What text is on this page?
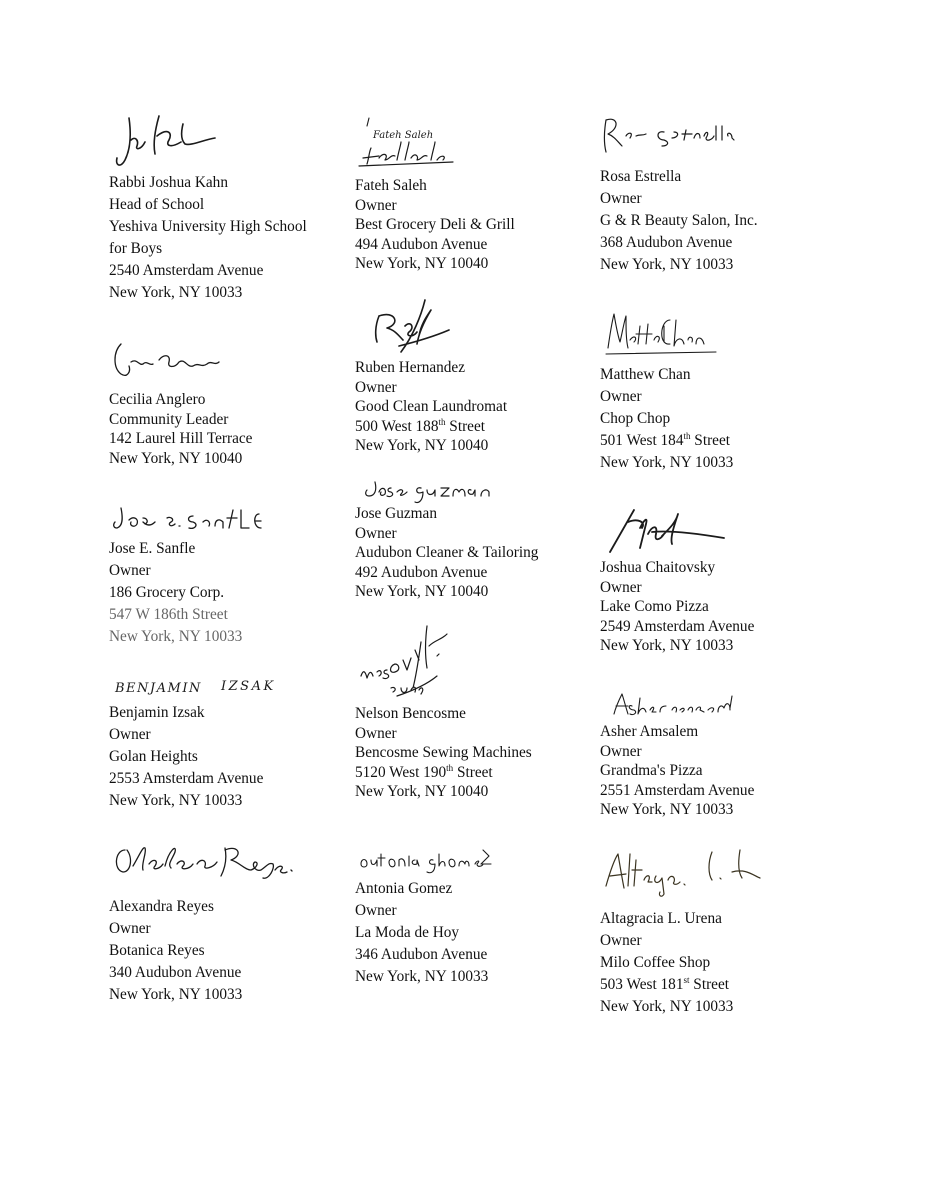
Rabbi Joshua Kahn
Head of School
Yeshiva University High School
for Boys
2540 Amsterdam Avenue
New York, NY 10033
Cecilia Anglero
Community Leader
142 Laurel Hill Terrace
New York, NY 10040
Jose E. Sanfle
Owner
186 Grocery Corp.
547 W 186th Street
New York, NY 10033
BENJAMIN IZSAK
Benjamin Izsak
Owner
Golan Heights
2553 Amsterdam Avenue
New York, NY 10033
Alexandra Reyes
Owner
Botanica Reyes
340 Audubon Avenue
New York, NY 10033
Fateh Saleh
Fateh Saleh
Owner
Best Grocery Deli & Grill
494 Audubon Avenue
New York, NY 10040
Ruben Hernandez
Owner
Good Clean Laundromat
500 West 188th Street
New York, NY 10040
Jose Guzman
Owner
Audubon Cleaner & Tailoring
492 Audubon Avenue
New York, NY 10040
Nelson Bencosme
Owner
Bencosme Sewing Machines
5120 West 190th Street
New York, NY 10040
Antonia Gomez
Owner
La Moda de Hoy
346 Audubon Avenue
New York, NY 10033
Rosa Estrella
Owner
G & R Beauty Salon, Inc.
368 Audubon Avenue
New York, NY 10033
Matthew Chan
Owner
Chop Chop
501 West 184th Street
New York, NY 10033
Joshua Chaitovsky
Owner
Lake Como Pizza
2549 Amsterdam Avenue
New York, NY 10033
Asher Amsalem
Owner
Grandma's Pizza
2551 Amsterdam Avenue
New York, NY 10033
Altagracia L. Urena
Owner
Milo Coffee Shop
503 West 181st Street
New York, NY 10033
